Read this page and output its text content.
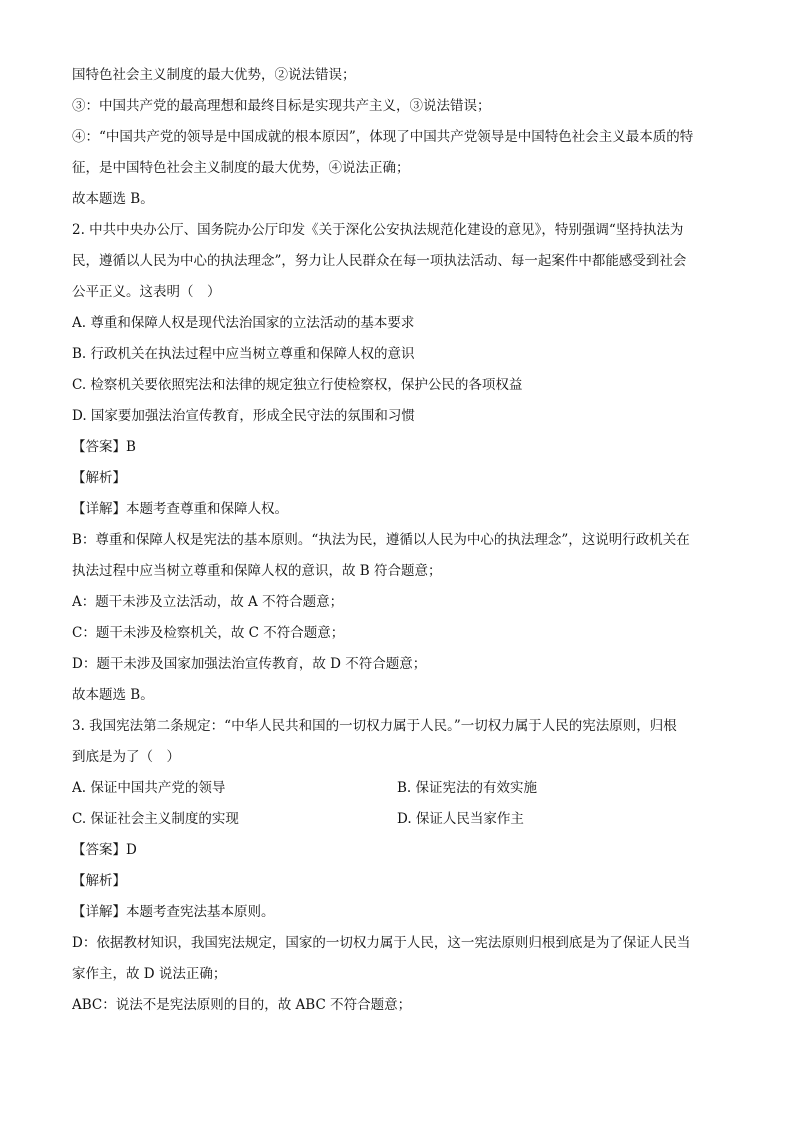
国特色社会主义制度的最大优势，②说法错误；
③：中国共产党的最高理想和最终目标是实现共产主义，③说法错误；
④：“中国共产党的领导是中国成就的根本原因”，体现了中国共产党领导是中国特色社会主义最本质的特
征，是中国特色社会主义制度的最大优势，④说法正确；
故本题选 B。
2. 中共中央办公厅、国务院办公厅印发《关于深化公安执法规范化建设的意见》，特别强调“坚持执法为
民，遵循以人民为中心的执法理念”，努力让人民群众在每一项执法活动、每一起案件中都能感受到社会
公平正义。这表明（　）
A. 尊重和保障人权是现代法治国家的立法活动的基本要求
B. 行政机关在执法过程中应当树立尊重和保障人权的意识
C. 检察机关要依照宪法和法律的规定独立行使检察权，保护公民的各项权益
D. 国家要加强法治宣传教育，形成全民守法的氛围和习惯
【答案】B
【解析】
【详解】本题考查尊重和保障人权。
B：尊重和保障人权是宪法的基本原则。“执法为民，遵循以人民为中心的执法理念”，这说明行政机关在
执法过程中应当树立尊重和保障人权的意识，故 B 符合题意；
A：题干未涉及立法活动，故 A 不符合题意；
C：题干未涉及检察机关，故 C 不符合题意；
D：题干未涉及国家加强法治宣传教育，故 D 不符合题意；
故本题选 B。
3. 我国宪法第二条规定：“中华人民共和国的一切权力属于人民。”一切权力属于人民的宪法原则，归根
到底是为了（　）
A. 保证中国共产党的领导	B. 保证宪法的有效实施
C. 保证社会主义制度的实现	D. 保证人民当家作主
【答案】D
【解析】
【详解】本题考查宪法基本原则。
D：依据教材知识，我国宪法规定，国家的一切权力属于人民，这一宪法原则归根到底是为了保证人民当
家作主，故 D 说法正确；
ABC：说法不是宪法原则的目的，故 ABC 不符合题意；
